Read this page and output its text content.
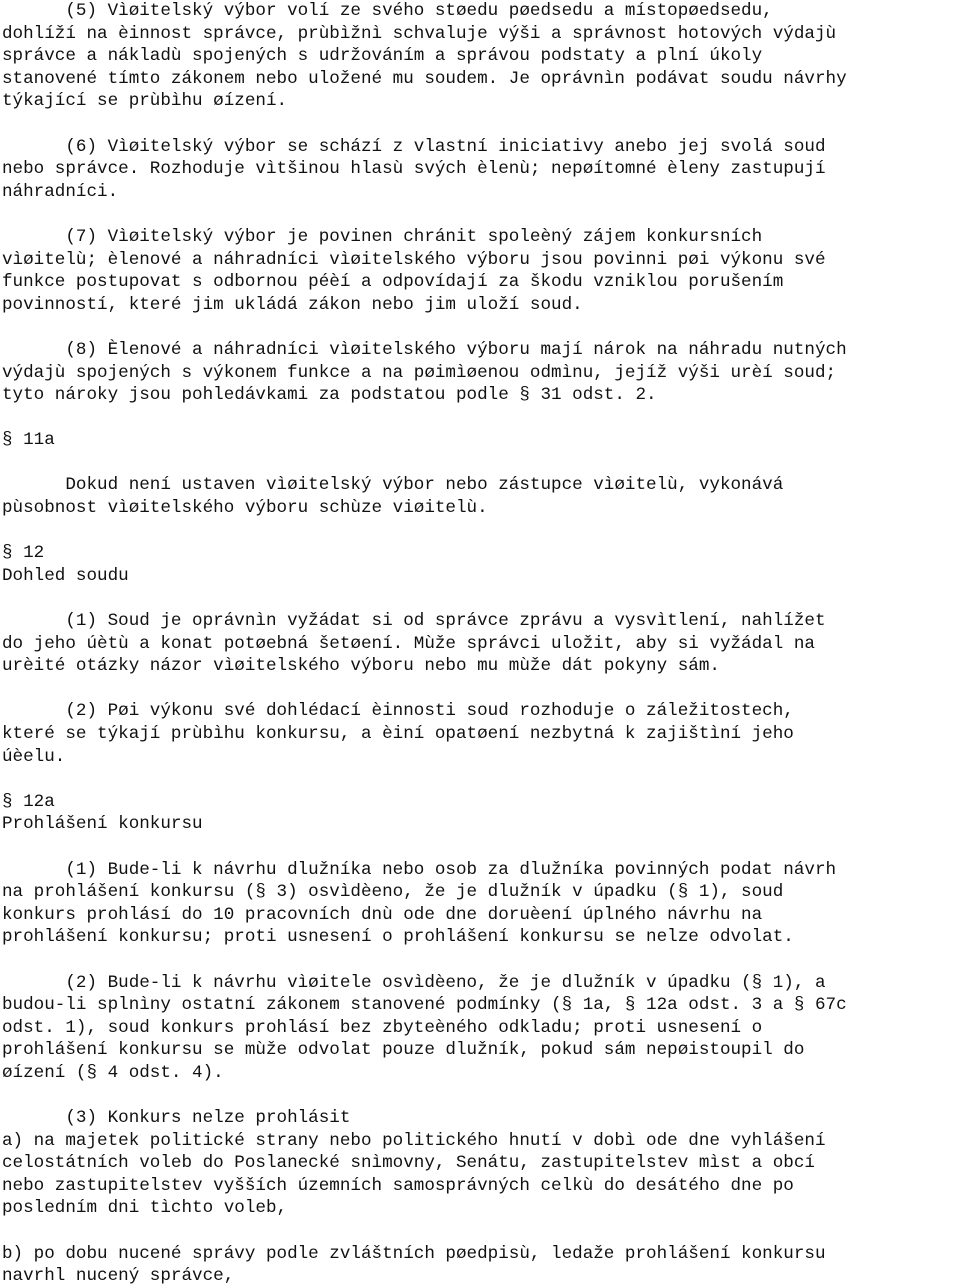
(5) Vìøitelský výbor volí ze svého støedu pøedsedu a místopøedsedu,
dohlíží na èinnost správce, prùbìžnì schvaluje výši a správnost hotových výdajù
správce a nákladù spojených s udržováním a správou podstaty a plní úkoly
stanovené tímto zákonem nebo uložené mu soudem. Je oprávnìn podávat soudu návrhy
týkající se prùbìhu øízení.
(6) Vìøitelský výbor se schází z vlastní iniciativy anebo jej svolá soud
nebo správce. Rozhoduje vìtšinou hlasù svých èlenù; nepøítomné èleny zastupují
náhradníci.
(7) Vìøitelský výbor je povinen chránit spoleèný zájem konkursních
vìøitelù; èlenové a náhradníci vìøitelského výboru jsou povinni pøi výkonu své
funkce postupovat s odbornou péèí a odpovídají za škodu vzniklou porušením
povinností, které jim ukládá zákon nebo jim uloží soud.
(8) Èlenové a náhradníci vìøitelského výboru mají nárok na náhradu nutných
výdajù spojených s výkonem funkce a na pøimìøenou odmìnu, jejíž výši urèí soud;
tyto nároky jsou pohledávkami za podstatou podle § 31 odst. 2.
§ 11a
Dokud není ustaven vìøitelský výbor nebo zástupce vìøitelù, vykonává
pùsobnost vìøitelského výboru schùze viøitelù.
§ 12
Dohled soudu
(1) Soud je oprávnìn vyžádat si od správce zprávu a vysvìtlení, nahlížet
do jeho úètù a konat potøebná šetøení. Mùže správci uložit, aby si vyžádal na
urèité otázky názor vìøitelského výboru nebo mu mùže dát pokyny sám.
(2) Pøi výkonu své dohlédací èinnosti soud rozhoduje o záležitostech,
které se týkají prùbìhu konkursu, a èiní opatøení nezbytná k zajištìní jeho
úèelu.
§ 12a
Prohlášení konkursu
(1) Bude-li k návrhu dlužníka nebo osob za dlužníka povinných podat návrh
na prohlášení konkursu (§ 3) osvìdèeno, že je dlužník v úpadku (§ 1), soud
konkurs prohlásí do 10 pracovních dnù ode dne doruèení úplného návrhu na
prohlášení konkursu; proti usnesení o prohlášení konkursu se nelze odvolat.
(2) Bude-li k návrhu vìøitele osvìdèeno, že je dlužník v úpadku (§ 1), a
budou-li splnìny ostatní zákonem stanovené podmínky (§ 1a, § 12a odst. 3 a § 67c
odst. 1), soud konkurs prohlásí bez zbyteèného odkladu; proti usnesení o
prohlášení konkursu se mùže odvolat pouze dlužník, pokud sám nepøistoupil do
øízení (§ 4 odst. 4).
(3) Konkurs nelze prohlásit
a) na majetek politické strany nebo politického hnutí v dobì ode dne vyhlášení
celostátních voleb do Poslanecké snìmovny, Senátu, zastupitelstev mìst a obcí
nebo zastupitelstev vyšších územních samosprávných celkù do desátého dne po
posledním dni tìchto voleb,
b) po dobu nucené správy podle zvláštních pøedpisù, ledaže prohlášení konkursu
navrhl nucený správce,
